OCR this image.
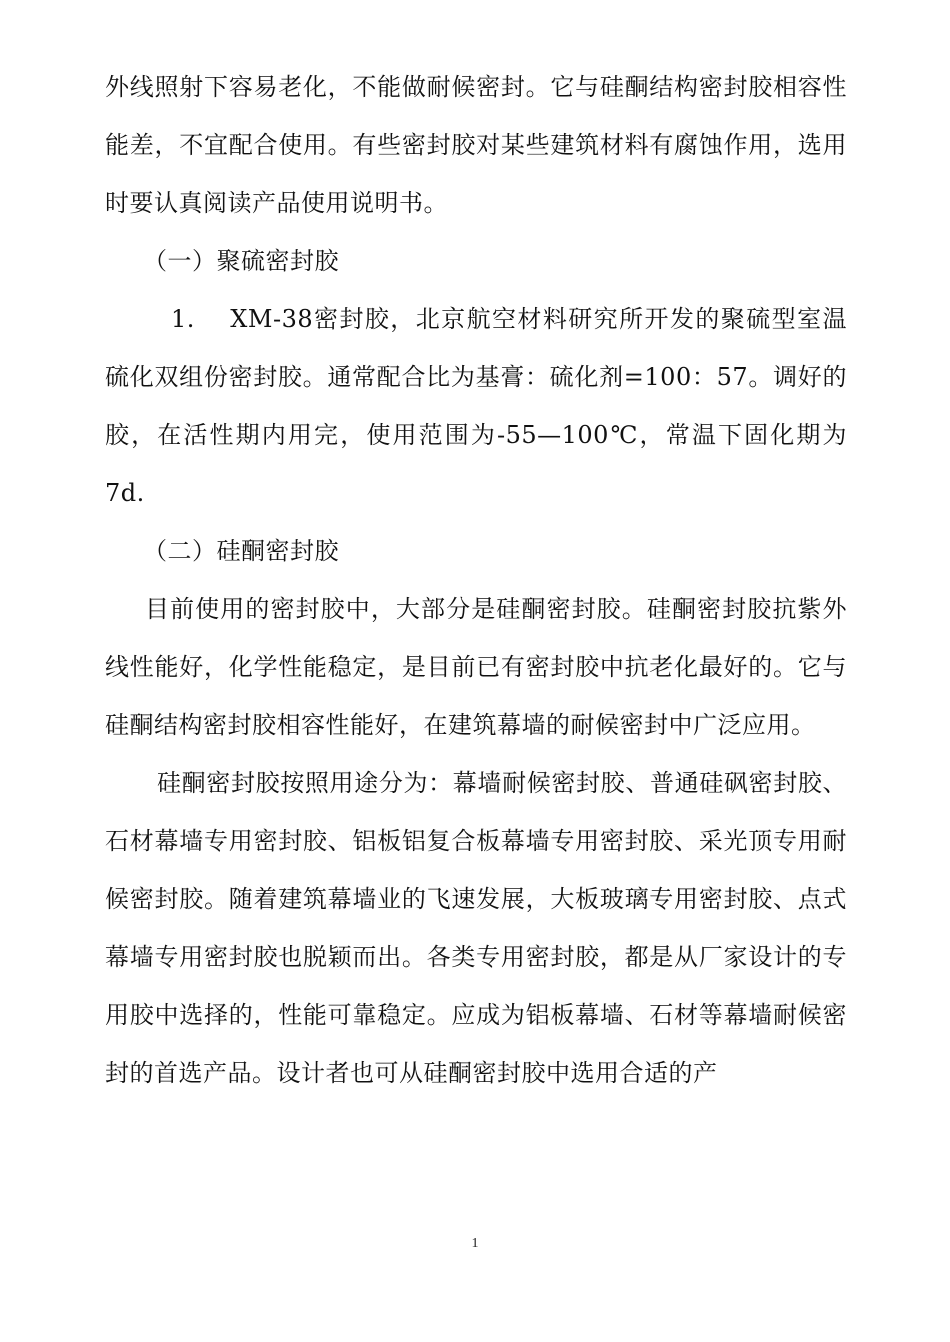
外线照射下容易老化，不能做耐候密封。它与硅酮结构密封胶相容性能差，不宜配合使用。有些密封胶对某些建筑材料有腐蚀作用，选用时要认真阅读产品使用说明书。

（一）聚硫密封胶

1.　 XM-38密封胶，北京航空材料研究所开发的聚硫型室温硫化双组份密封胶。通常配合比为基膏：硫化剂=100：57。调好的胶，在活性期内用完，使用范围为-55—100℃，常温下固化期为7d.

（二）硅酮密封胶

目前使用的密封胶中，大部分是硅酮密封胶。硅酮密封胶抗紫外线性能好，化学性能稳定，是目前已有密封胶中抗老化最好的。它与硅酮结构密封胶相容性能好，在建筑幕墙的耐候密封中广泛应用。

硅酮密封胶按照用途分为：幕墙耐候密封胶、普通硅砜密封胶、石材幕墙专用密封胶、铝板铝复合板幕墙专用密封胶、采光顶专用耐候密封胶。随着建筑幕墙业的飞速发展，大板玻璃专用密封胶、点式幕墙专用密封胶也脱颖而出。各类专用密封胶，都是从厂家设计的专用胶中选择的，性能可靠稳定。应成为铝板幕墙、石材等幕墙耐候密封的首选产品。设计者也可从硅酮密封胶中选用合适的产

1
